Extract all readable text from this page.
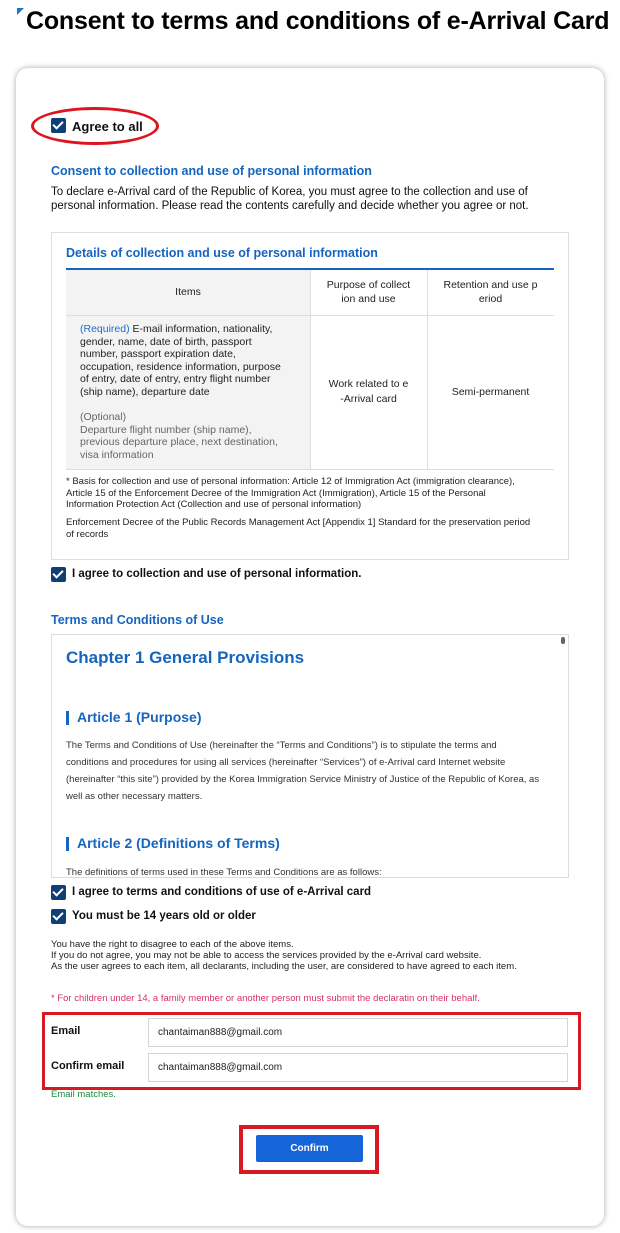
Consent to terms and conditions of e-Arrival Card
Agree to all
Consent to collection and use of personal information
To declare e-Arrival card of the Republic of Korea, you must agree to the collection and use of
personal information. Please read the contents carefully and decide whether you agree or not.
Details of collection and use of personal information
Items
Purpose of collect
ion and use
Retention and use p
eriod
(Required) E-mail information, nationality,
gender, name, date of birth, passport
number, passport expiration date,
occupation, residence information, purpose
of entry, date of entry, entry flight number
(ship name), departure date
(Optional)
Departure flight number (ship name),
previous departure place, next destination,
visa information
Work related to e
-Arrival card
Semi-permanent
* Basis for collection and use of personal information: Article 12 of Immigration Act (immigration clearance),
Article 15 of the Enforcement Decree of the Immigration Act (Immigration), Article 15 of the Personal
Information Protection Act (Collection and use of personal information)
Enforcement Decree of the Public Records Management Act [Appendix 1] Standard for the preservation period
of records
I agree to collection and use of personal information.
Terms and Conditions of Use
Chapter 1 General Provisions
Article 1 (Purpose)
The Terms and Conditions of Use (hereinafter the “Terms and Conditions”) is to stipulate the terms and
conditions and procedures for using all services (hereinafter “Services”) of e-Arrival card Internet website
(hereinafter “this site”) provided by the Korea Immigration Service Ministry of Justice of the Republic of Korea, as
well as other necessary matters.
Article 2 (Definitions of Terms)
The definitions of terms used in these Terms and Conditions are as follows:
I agree to terms and conditions of use of e-Arrival card
You must be 14 years old or older
You have the right to disagree to each of the above items.
If you do not agree, you may not be able to access the services provided by the e-Arrival card website.
As the user agrees to each item, all declarants, including the user, are considered to have agreed to each item.
* For children under 14, a family member or another person must submit the declaratin on their behalf.
Email
chantaiman888@gmail.com
Confirm email
chantaiman888@gmail.com
Email matches.
Confirm
